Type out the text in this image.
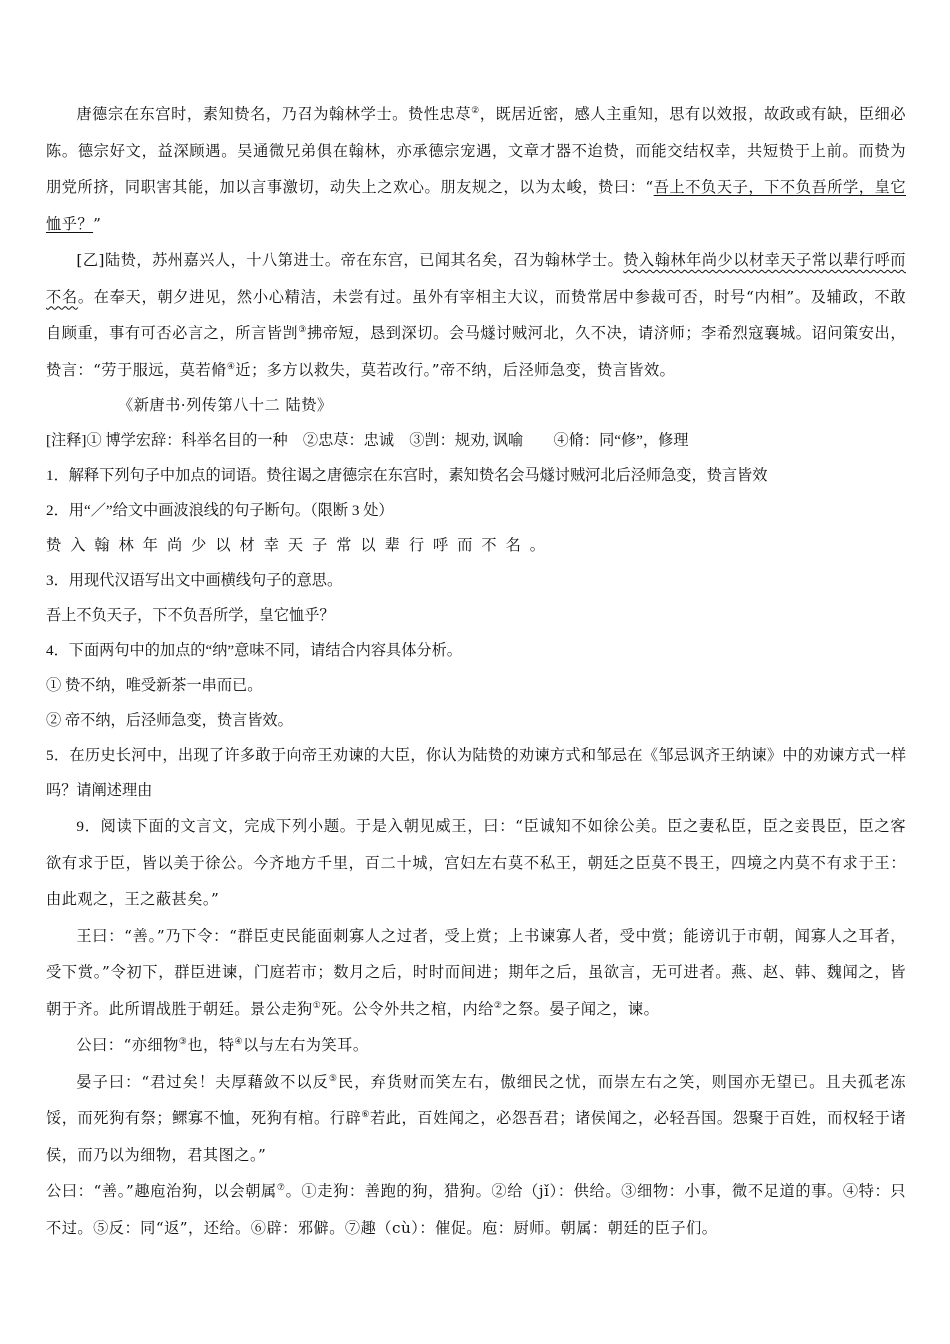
唐德宗在东宫时，素知贽名，乃召为翰林学士。贽性忠荩②，既居近密，感人主重知，思有以效报，故政或有缺，臣细必陈。德宗好文，益深顾遇。吴通微兄弟俱在翰林，亦承德宗宠遇，文章才器不迨贽，而能交结权幸，共短贽于上前。而贽为朋党所挤，同职害其能，加以言事激切，动失上之欢心。朋友规之，以为太峻，贽曰：“吾上不负天子，下不负吾所学，皇它恤乎？”

[乙]陆贽，苏州嘉兴人，十八第进士。帝在东宫，已闻其名矣，召为翰林学士。贽入翰林年尚少以材幸天子常以辈行呼而不名。在奉天，朝夕进见，然小心精洁，未尝有过。虽外有宰相主大议，而贽常居中参裁可否，时号“内相”。及辅政，不敢自顾重，事有可否必言之，所言皆剀③拂帝短，恳到深切。会马燧讨贼河北，久不决，请济师；李希烈寇襄城。诏问策安出，贽言：“劳于服远，莫若脩④近；多方以救失，莫若改行。”帝不纳，后泾师急变，贽言皆效。

《新唐书·列传第八十二 陆贽》

[注释]① 博学宏辞：科举名目的一种　②忠荩：忠诚　③剀：规劝, 讽喻　　④脩：同“修”，修理

1．解释下列句子中加点的词语。贽往谒之唐德宗在东宫时，素知贽名会马燧讨贼河北后泾师急变，贽言皆效

2．用“／”给文中画波浪线的句子断句。（限断 3 处）

贽入翰林年尚少以材幸天子常以辈行呼而不名。

3．用现代汉语写出文中画横线句子的意思。

吾上不负天子，下不负吾所学，皇它恤乎？

4．下面两句中的加点的“纳”意味不同，请结合内容具体分析。

① 贽不纳，唯受新茶一串而已。

② 帝不纳，后泾师急变，贽言皆效。

5．在历史长河中，出现了许多敢于向帝王劝谏的大臣，你认为陆贽的劝谏方式和邹忌在《邹忌讽齐王纳谏》中的劝谏方式一样吗？请阐述理由

9．阅读下面的文言文，完成下列小题。于是入朝见威王，曰：“臣诚知不如徐公美。臣之妻私臣，臣之妾畏臣，臣之客欲有求于臣，皆以美于徐公。今齐地方千里，百二十城，宫妇左右莫不私王，朝廷之臣莫不畏王，四境之内莫不有求于王：由此观之，王之蔽甚矣。”

王曰：“善。”乃下令：“群臣吏民能面刺寡人之过者，受上赏；上书谏寡人者，受中赏；能谤讥于市朝，闻寡人之耳者，受下赏。”令初下，群臣进谏，门庭若市；数月之后，时时而间进；期年之后，虽欲言，无可进者。燕、赵、韩、魏闻之，皆朝于齐。此所谓战胜于朝廷。景公走狗①死。公令外共之棺，内给②之祭。晏子闻之，谏。

公曰：“亦细物③也，特④以与左右为笑耳。

晏子曰：“君过矣！夫厚藉敛不以反⑤民，弃货财而笑左右，傲细民之忧，而崇左右之笑，则国亦无望已。且夫孤老冻馁，而死狗有祭；鳏寡不恤，死狗有棺。行辟⑥若此，百姓闻之，必怨吾君；诸侯闻之，必轻吾国。怨聚于百姓，而权轻于诸侯，而乃以为细物，君其图之。”

公曰：“善。”趣庖治狗，以会朝属⑦。①走狗：善跑的狗，猎狗。②给（jǐ）：供给。③细物：小事，微不足道的事。④特：只不过。⑤反：同“返”，还给。⑥辟：邪僻。⑦趣（cù）：催促。庖：厨师。朝属：朝廷的臣子们。
